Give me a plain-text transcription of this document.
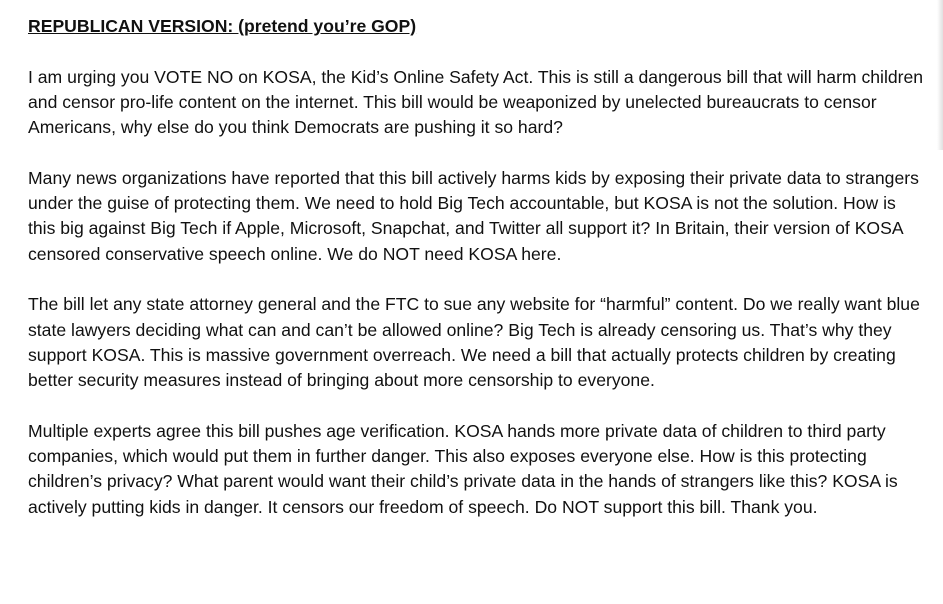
REPUBLICAN VERSION: (pretend you’re GOP)
I am urging you VOTE NO on KOSA, the Kid’s Online Safety Act. This is still a dangerous bill that will harm children and censor pro-life content on the internet. This bill would be weaponized by unelected bureaucrats to censor Americans, why else do you think Democrats are pushing it so hard?
Many news organizations have reported that this bill actively harms kids by exposing their private data to strangers under the guise of protecting them. We need to hold Big Tech accountable, but KOSA is not the solution. How is this big against Big Tech if Apple, Microsoft, Snapchat, and Twitter all support it? In Britain, their version of KOSA censored conservative speech online. We do NOT need KOSA here.
The bill let any state attorney general and the FTC to sue any website for “harmful” content. Do we really want blue state lawyers deciding what can and can’t be allowed online? Big Tech is already censoring us. That’s why they support KOSA. This is massive government overreach. We need a bill that actually protects children by creating better security measures instead of bringing about more censorship to everyone.
Multiple experts agree this bill pushes age verification. KOSA hands more private data of children to third party companies, which would put them in further danger. This also exposes everyone else. How is this protecting children’s privacy? What parent would want their child’s private data in the hands of strangers like this? KOSA is actively putting kids in danger. It censors our freedom of speech. Do NOT support this bill. Thank you.
